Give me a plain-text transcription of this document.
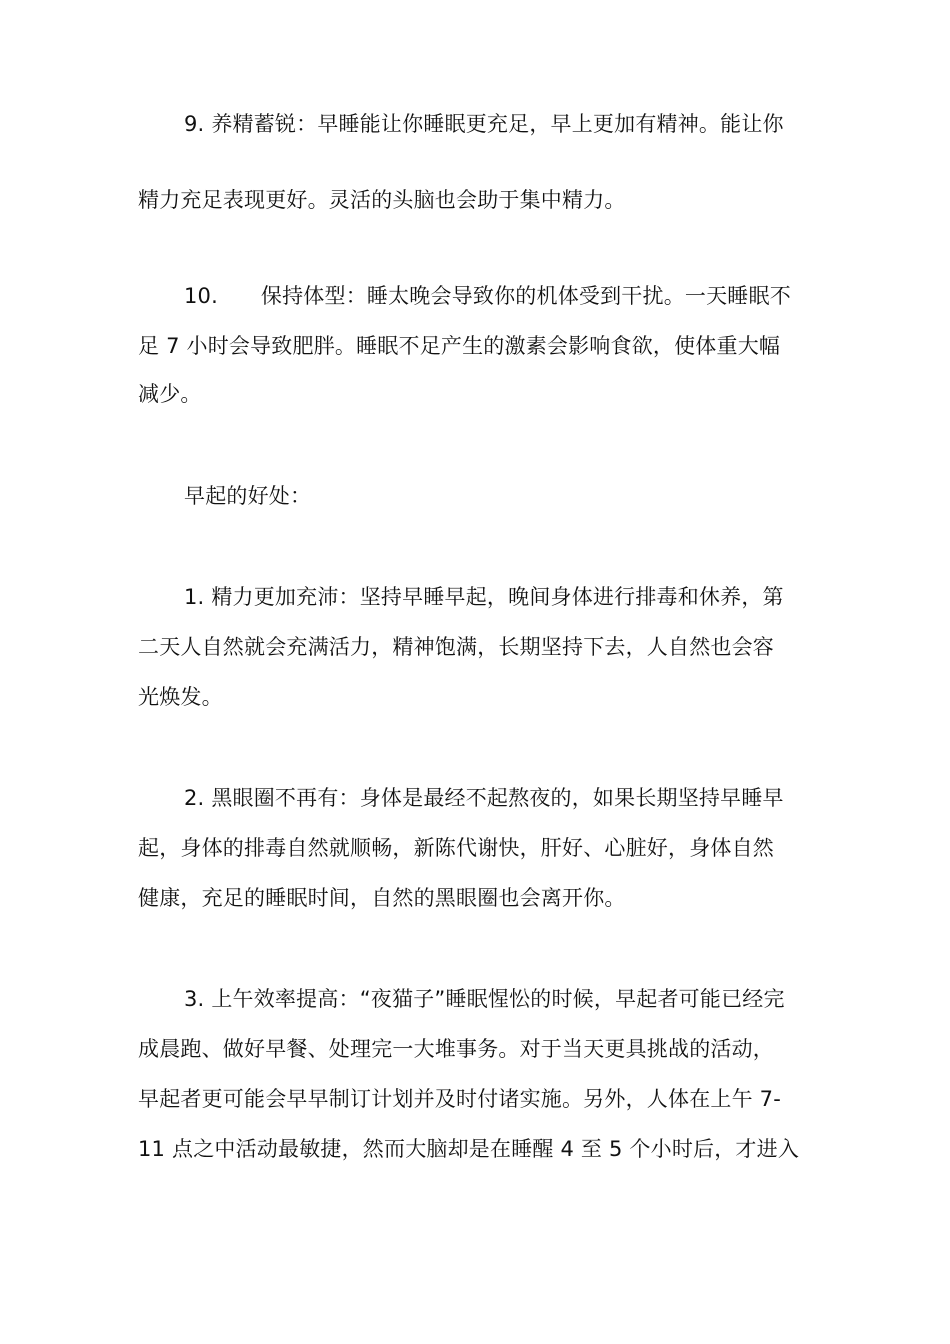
9. 养精蓄锐：早睡能让你睡眠更充足，早上更加有精神。能让你
精力充足表现更好。灵活的头脑也会助于集中精力。
10. 保持体型：睡太晚会导致你的机体受到干扰。一天睡眠不
足 7 小时会导致肥胖。睡眠不足产生的激素会影响食欲，使体重大幅
减少。
早起的好处：
1. 精力更加充沛：坚持早睡早起，晚间身体进行排毒和休养，第
二天人自然就会充满活力，精神饱满，长期坚持下去，人自然也会容
光焕发。
2. 黑眼圈不再有：身体是最经不起熬夜的，如果长期坚持早睡早
起，身体的排毒自然就顺畅，新陈代谢快，肝好、心脏好，身体自然
健康，充足的睡眠时间，自然的黑眼圈也会离开你。
3. 上午效率提高：“夜猫子”睡眠惺忪的时候，早起者可能已经完
成晨跑、做好早餐、处理完一大堆事务。对于当天更具挑战的活动，
早起者更可能会早早制订计划并及时付诸实施。另外，人体在上午 7-
11 点之中活动最敏捷，然而大脑却是在睡醒 4 至 5 个小时后，才进入
